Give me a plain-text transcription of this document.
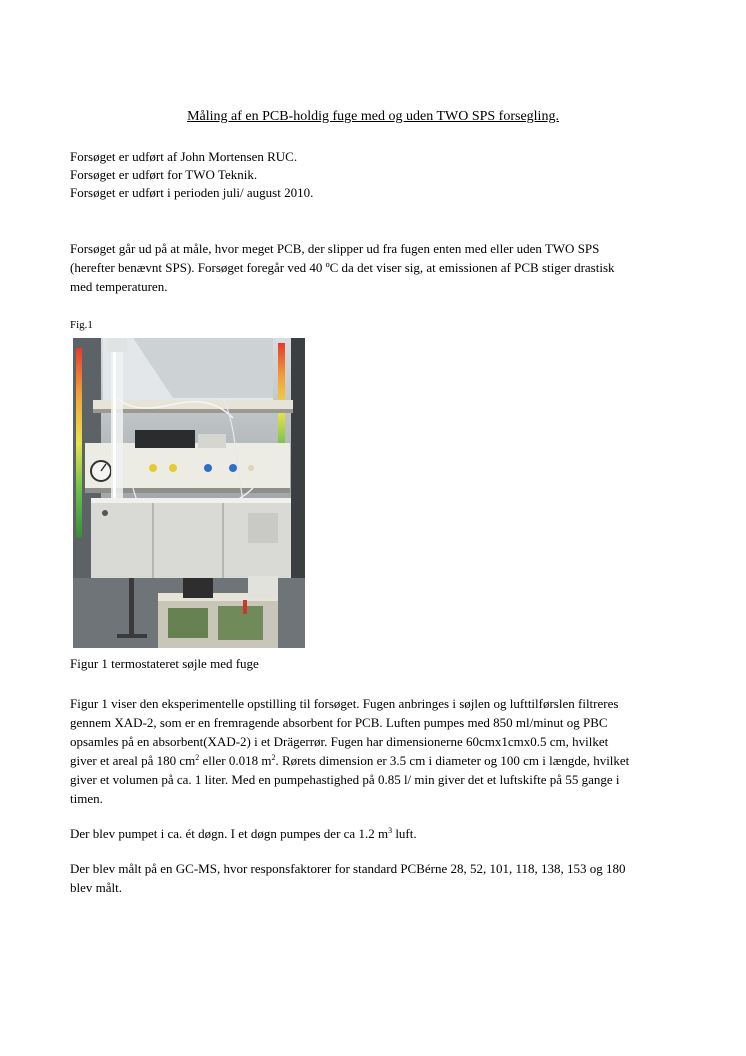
Måling af en PCB-holdig fuge med og uden TWO SPS forsegling.
Forsøget er udført af John Mortensen RUC.
Forsøget er udført for TWO Teknik.
Forsøget er udført i perioden juli/ august 2010.
Forsøget går ud på at måle, hvor meget PCB, der slipper ud fra fugen enten med eller uden TWO SPS
(herefter benævnt SPS). Forsøget foregår ved 40 ºC da det viser sig, at emissionen af PCB stiger drastisk
med temperaturen.
Fig.1
Figur 1 termostateret søjle med fuge
Figur 1 viser den eksperimentelle opstilling til forsøget. Fugen anbringes i søjlen og lufttilførslen filtreres
gennem XAD-2, som er en fremragende absorbent for PCB. Luften pumpes med 850 ml/minut og PBC
opsamles på en absorbent(XAD-2) i et Drägerrør. Fugen har dimensionerne 60cmx1cmx0.5 cm, hvilket
giver et areal på 180 $cm^2$ eller 0.018 $m^2$. Rørets dimension er 3.5 cm i diameter og 100 cm i længde, hvilket
giver et volumen på ca. 1 liter. Med en pumpehastighed på 0.85 l/ min giver det et luftskifte på 55 gange i
timen.
Der blev pumpet i ca. ét døgn. I et døgn pumpes der ca 1.2 $m^3$ luft.
Der blev målt på en GC-MS, hvor responsfaktorer for standard PCBérne 28, 52, 101, 118, 138, 153 og 180
blev målt.
